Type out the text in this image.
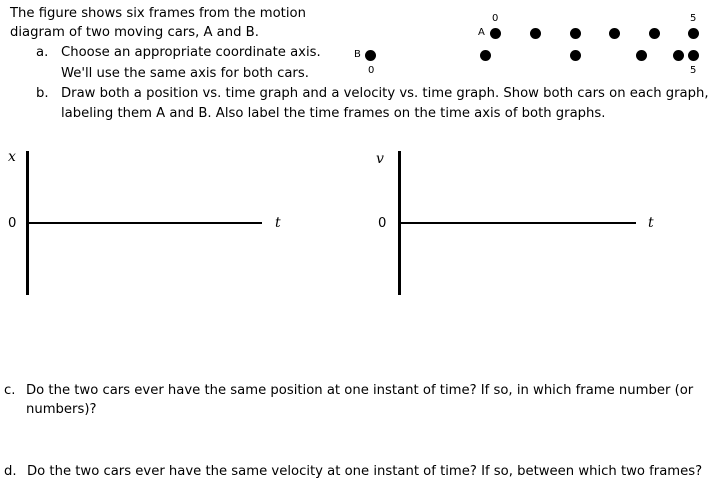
The figure shows six frames from the motion
diagram of two moving cars, A and B.
a. Choose an appropriate coordinate axis.
We'll use the same axis for both cars.
b. Draw both a position vs. time graph and a velocity vs. time graph. Show both cars on each graph,
labeling them A and B. Also label the time frames on the time axis of both graphs.
0	5
A
B
0	5
x
0	t
v
0	t
c. Do the two cars ever have the same position at one instant of time? If so, in which frame number (or
numbers)?
d. Do the two cars ever have the same velocity at one instant of time? If so, between which two frames?
